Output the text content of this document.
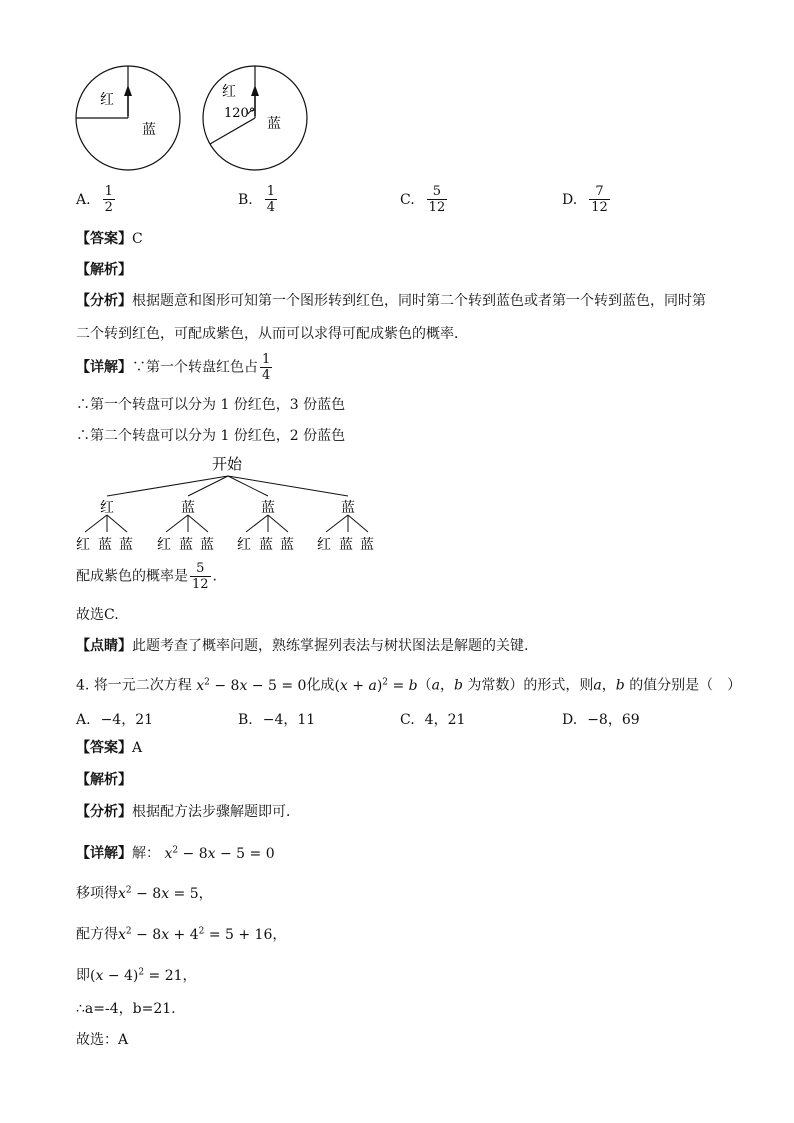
红
蓝
红
120°
蓝
A. $\frac{1}{2}$	B. $\frac{1}{4}$	C. $\frac{5}{12}$	D. $\frac{7}{12}$
【答案】C
【解析】
【分析】根据题意和图形可知第一个图形转到红色，同时第二个转到蓝色或者第一个转到蓝色，同时第
二个转到红色，可配成紫色，从而可以求得可配成紫色的概率．
【详解】∵第一个转盘红色占 $\frac{1}{4}$
∴第一个转盘可以分为 1 份红色，3 份蓝色
∴第二个转盘可以分为 1 份红色，2 份蓝色
开始
红	蓝	蓝	蓝
红 蓝 蓝 红 蓝 蓝 红 蓝 蓝 红 蓝 蓝
配成紫色的概率是 $\frac{5}{12}$ .
故选C.
【点睛】此题考查了概率问题，熟练掌握列表法与树状图法是解题的关键.
4. 将一元二次方程 $x^2 - 8x - 5 = 0$化成$(x + a)^2 = b(a$，b 为常数）的形式，则a，b 的值分别是（　）
A. −4，21	B. −4，11	C. 4，21	D. −8，69
【答案】A
【解析】
【分析】根据配方法步骤解题即可．
【详解】解： $x^2 - 8x - 5 = 0$
移项得$x^2 - 8x = 5$，
配方得$x^2 - 8x + 4^2 = 5 + 16$，
即$(x - 4)^2 = 21$，
∴a=-4，b=21.
故选：A
